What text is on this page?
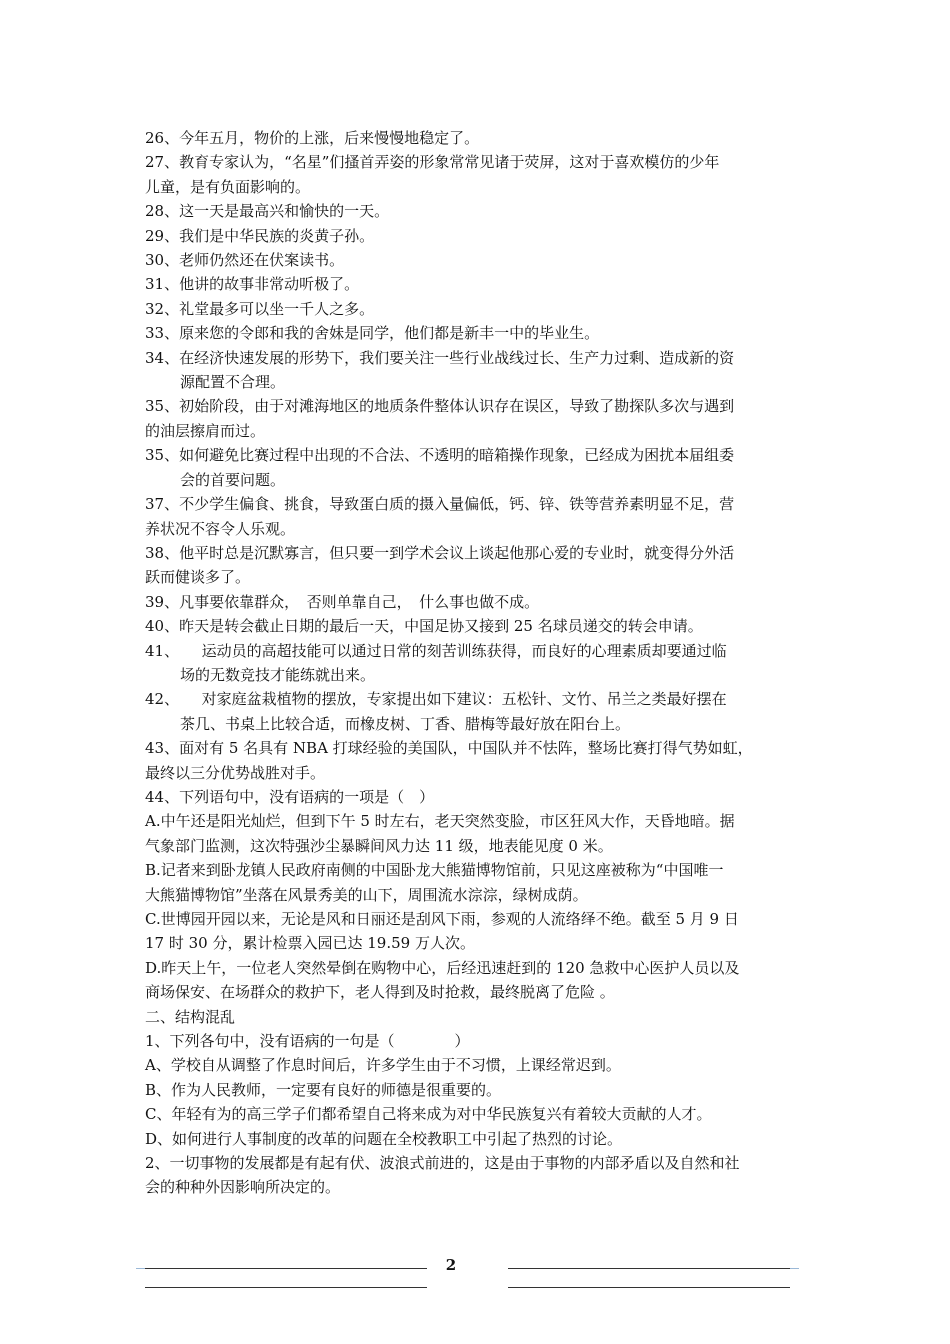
26、今年五月，物价的上涨，后来慢慢地稳定了。
27、教育专家认为，“名星”们搔首弄姿的形象常常见诸于荧屏，这对于喜欢模仿的少年
儿童，是有负面影响的。
28、这一天是最高兴和愉快的一天。
29、我们是中华民族的炎黄子孙。
30、老师仍然还在伏案读书。
31、他讲的故事非常动听极了。
32、礼堂最多可以坐一千人之多。
33、原来您的令郎和我的舍妹是同学，他们都是新丰一中的毕业生。
34、在经济快速发展的形势下，我们要关注一些行业战线过长、生产力过剩、造成新的资
源配置不合理。
35、初始阶段，由于对滩海地区的地质条件整体认识存在误区，导致了勘探队多次与遇到
的油层擦肩而过。
35、如何避免比赛过程中出现的不合法、不透明的暗箱操作现象，已经成为困扰本届组委
会的首要问题。
37、不少学生偏食、挑食，导致蛋白质的摄入量偏低，钙、锌、铁等营养素明显不足，营
养状况不容令人乐观。
38、他平时总是沉默寡言，但只要一到学术会议上谈起他那心爱的专业时，就变得分外活
跃而健谈多了。
39、凡事要依靠群众，　否则单靠自己，　什么事也做不成。
40、昨天是转会截止日期的最后一天，中国足协又接到 25 名球员递交的转会申请。
41、　　运动员的高超技能可以通过日常的刻苦训练获得，而良好的心理素质却要通过临
场的无数竞技才能练就出来。
42、　　对家庭盆栽植物的摆放，专家提出如下建议：五松针、文竹、吊兰之类最好摆在
茶几、书桌上比较合适，而橡皮树、丁香、腊梅等最好放在阳台上。
43、面对有 5 名具有 NBA 打球经验的美国队，中国队并不怯阵，整场比赛打得气势如虹，
最终以三分优势战胜对手。
44、下列语句中，没有语病的一项是（　）
A.中午还是阳光灿烂，但到下午 5 时左右，老天突然变脸，市区狂风大作，天昏地暗。据
气象部门监测，这次特强沙尘暴瞬间风力达 11 级，地表能见度 0 米。
B.记者来到卧龙镇人民政府南侧的中国卧龙大熊猫博物馆前，只见这座被称为“中国唯一
大熊猫博物馆”坐落在风景秀美的山下，周围流水淙淙，绿树成荫。
C.世博园开园以来，无论是风和日丽还是刮风下雨，参观的人流络绎不绝。截至 5 月 9 日
17 时 30 分，累计检票入园已达 19.59 万人次。
D.昨天上午，一位老人突然晕倒在购物中心，后经迅速赶到的 120 急救中心医护人员以及
商场保安、在场群众的救护下，老人得到及时抢救，最终脱离了危险 。
二、结构混乱
1、下列各句中，没有语病的一句是（　　　　）
A、学校自从调整了作息时间后，许多学生由于不习惯，上课经常迟到。
B、作为人民教师，一定要有良好的师德是很重要的。
C、年轻有为的高三学子们都希望自己将来成为对中华民族复兴有着较大贡献的人才。
D、如何进行人事制度的改革的问题在全校教职工中引起了热烈的讨论。
2、一切事物的发展都是有起有伏、波浪式前进的，这是由于事物的内部矛盾以及自然和社
会的种种外因影响所决定的。
2
